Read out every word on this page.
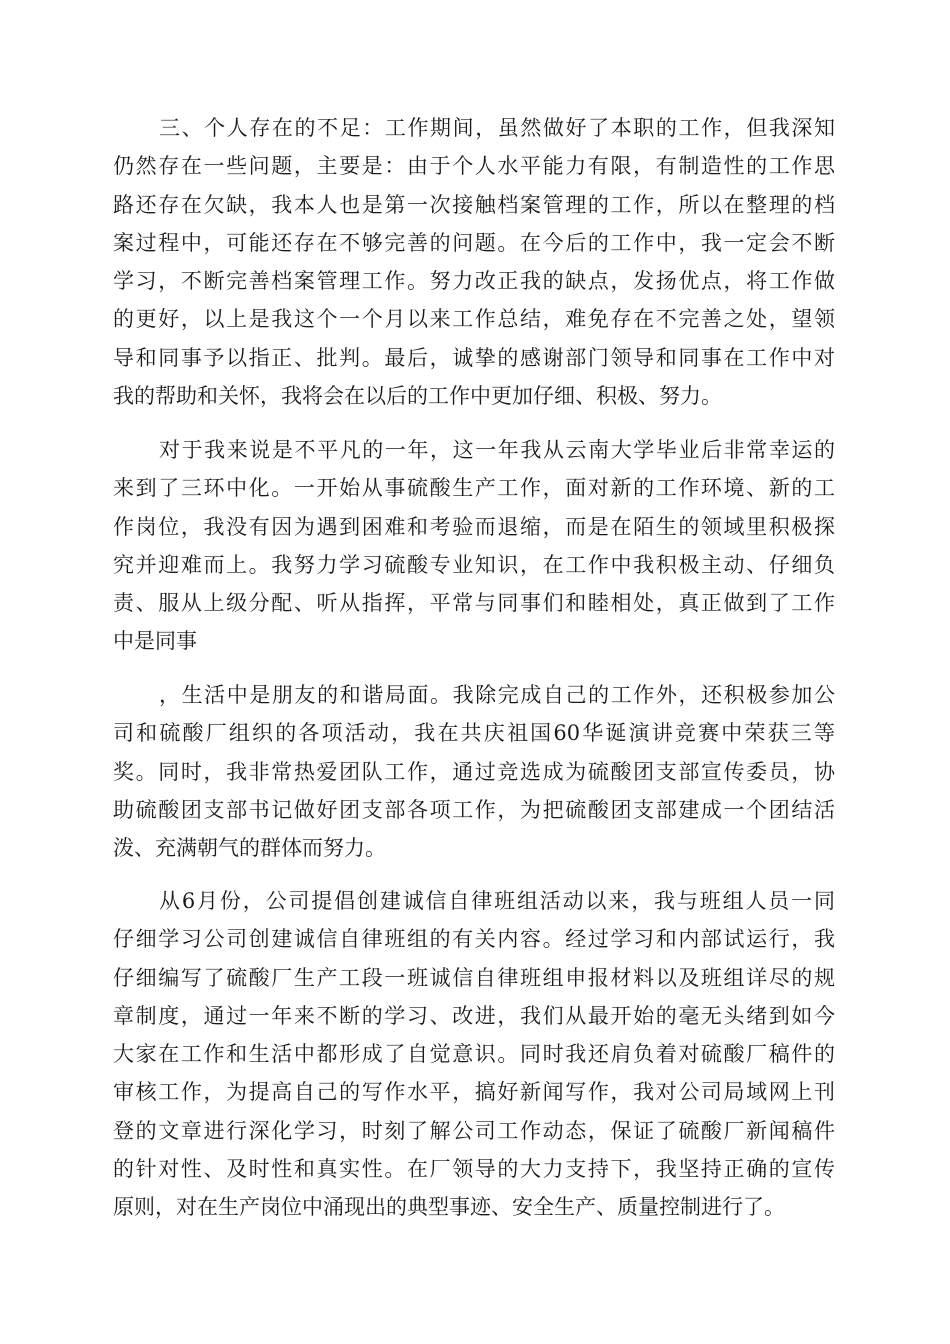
三、个人存在的不足：工作期间，虽然做好了本职的工作，但我深知
仍然存在一些问题，主要是：由于个人水平能力有限，有制造性的工作思
路还存在欠缺，我本人也是第一次接触档案管理的工作，所以在整理的档
案过程中，可能还存在不够完善的问题。在今后的工作中，我一定会不断
学习，不断完善档案管理工作。努力改正我的缺点，发扬优点，将工作做
的更好，以上是我这个一个月以来工作总结，难免存在不完善之处，望领
导和同事予以指正、批判。最后，诚挚的感谢部门领导和同事在工作中对
我的帮助和关怀，我将会在以后的工作中更加仔细、积极、努力。
对于我来说是不平凡的一年，这一年我从云南大学毕业后非常幸运的
来到了三环中化。一开始从事硫酸生产工作，面对新的工作环境、新的工
作岗位，我没有因为遇到困难和考验而退缩，而是在陌生的领域里积极探
究并迎难而上。我努力学习硫酸专业知识，在工作中我积极主动、仔细负
责、服从上级分配、听从指挥，平常与同事们和睦相处，真正做到了工作
中是同事
，生活中是朋友的和谐局面。我除完成自己的工作外，还积极参加公
司和硫酸厂组织的各项活动，我在共庆祖国60华诞演讲竞赛中荣获三等
奖。同时，我非常热爱团队工作，通过竞选成为硫酸团支部宣传委员，协
助硫酸团支部书记做好团支部各项工作，为把硫酸团支部建成一个团结活
泼、充满朝气的群体而努力。
从6月份，公司提倡创建诚信自律班组活动以来，我与班组人员一同
仔细学习公司创建诚信自律班组的有关内容。经过学习和内部试运行，我
仔细编写了硫酸厂生产工段一班诚信自律班组申报材料以及班组详尽的规
章制度，通过一年来不断的学习、改进，我们从最开始的毫无头绪到如今
大家在工作和生活中都形成了自觉意识。同时我还肩负着对硫酸厂稿件的
审核工作，为提高自己的写作水平，搞好新闻写作，我对公司局域网上刊
登的文章进行深化学习，时刻了解公司工作动态，保证了硫酸厂新闻稿件
的针对性、及时性和真实性。在厂领导的大力支持下，我坚持正确的宣传
原则，对在生产岗位中涌现出的典型事迹、安全生产、质量控制进行了。
